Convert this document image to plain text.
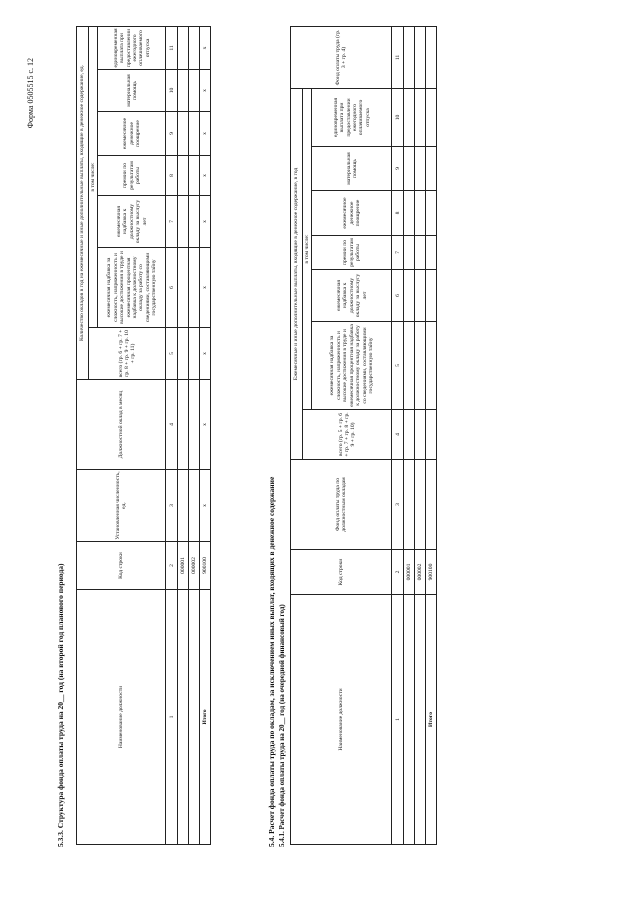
Форма 0505515 с. 12
5.3.3. Структура фонда оплаты труда на 20__ год (на второй год планового периода)	Наименование должности	Код строки	Установленная численность, ед.	Должностной оклад в месяц	Количество окладов в год на ежемесячные и иные дополнительные выплаты, входящие в денежное содержание, ед.						
				всего (гр. 6 + гр. 7 + гр. 8 + гр. 9 + гр. 10 + гр. 11)	в том числе:					
					ежемесячная надбавка за сложность, напряженность и высокие достижения в труде и ежемесячная процентная надбавка к должностному окладу за работу со сведениями, составляющими государственную тайну	ежемесячная надбавка к должностному окладу за выслугу лет	премии по результатам работы	ежемесячное денежное поощрение	материальная помощь	единовременная выплата при предоставлении ежегодного оплачиваемого отпуска
1	2	3	4	5	6	7	8	9	10	11
	000001									
	000002									
Итого	900100	x	x	x	x	x	x	x	x	x
5.4. Расчет фонда оплаты труда по окладам, за исключением иных выплат, входящих в денежное содержание 5.4.1. Расчет фонда оплаты труда на 20__ год (на очередной финансовый год)	Наименование должности	Код строки	Фонд оплаты труда по должностным окладам	Ежемесячные и иные дополнительные выплаты, входящие в денежное содержание, в год							Фонд оплаты труда (гр. 3 + гр. 4)
			всего (гр. 5 + гр. 6 + гр. 7 + гр. 8 + гр. 9 + гр. 10)	в том числе:						
				ежемесячная надбавка за сложность, напряженность и высокие достижения в труде и ежемесячная процентная надбавка к должностному окладу за работу со сведениями, составляющими государственную тайну	ежемесячная надбавка к должностному окладу за выслугу лет	премии по результатам работы	ежемесячное денежное поощрение	материальная помощь	единовременная выплата при предоставлении ежегодного оплачиваемого отпуска	
1	2	3	4	5	6	7	8	9	10	11
	000001									
	000002									
Итого	900100									
